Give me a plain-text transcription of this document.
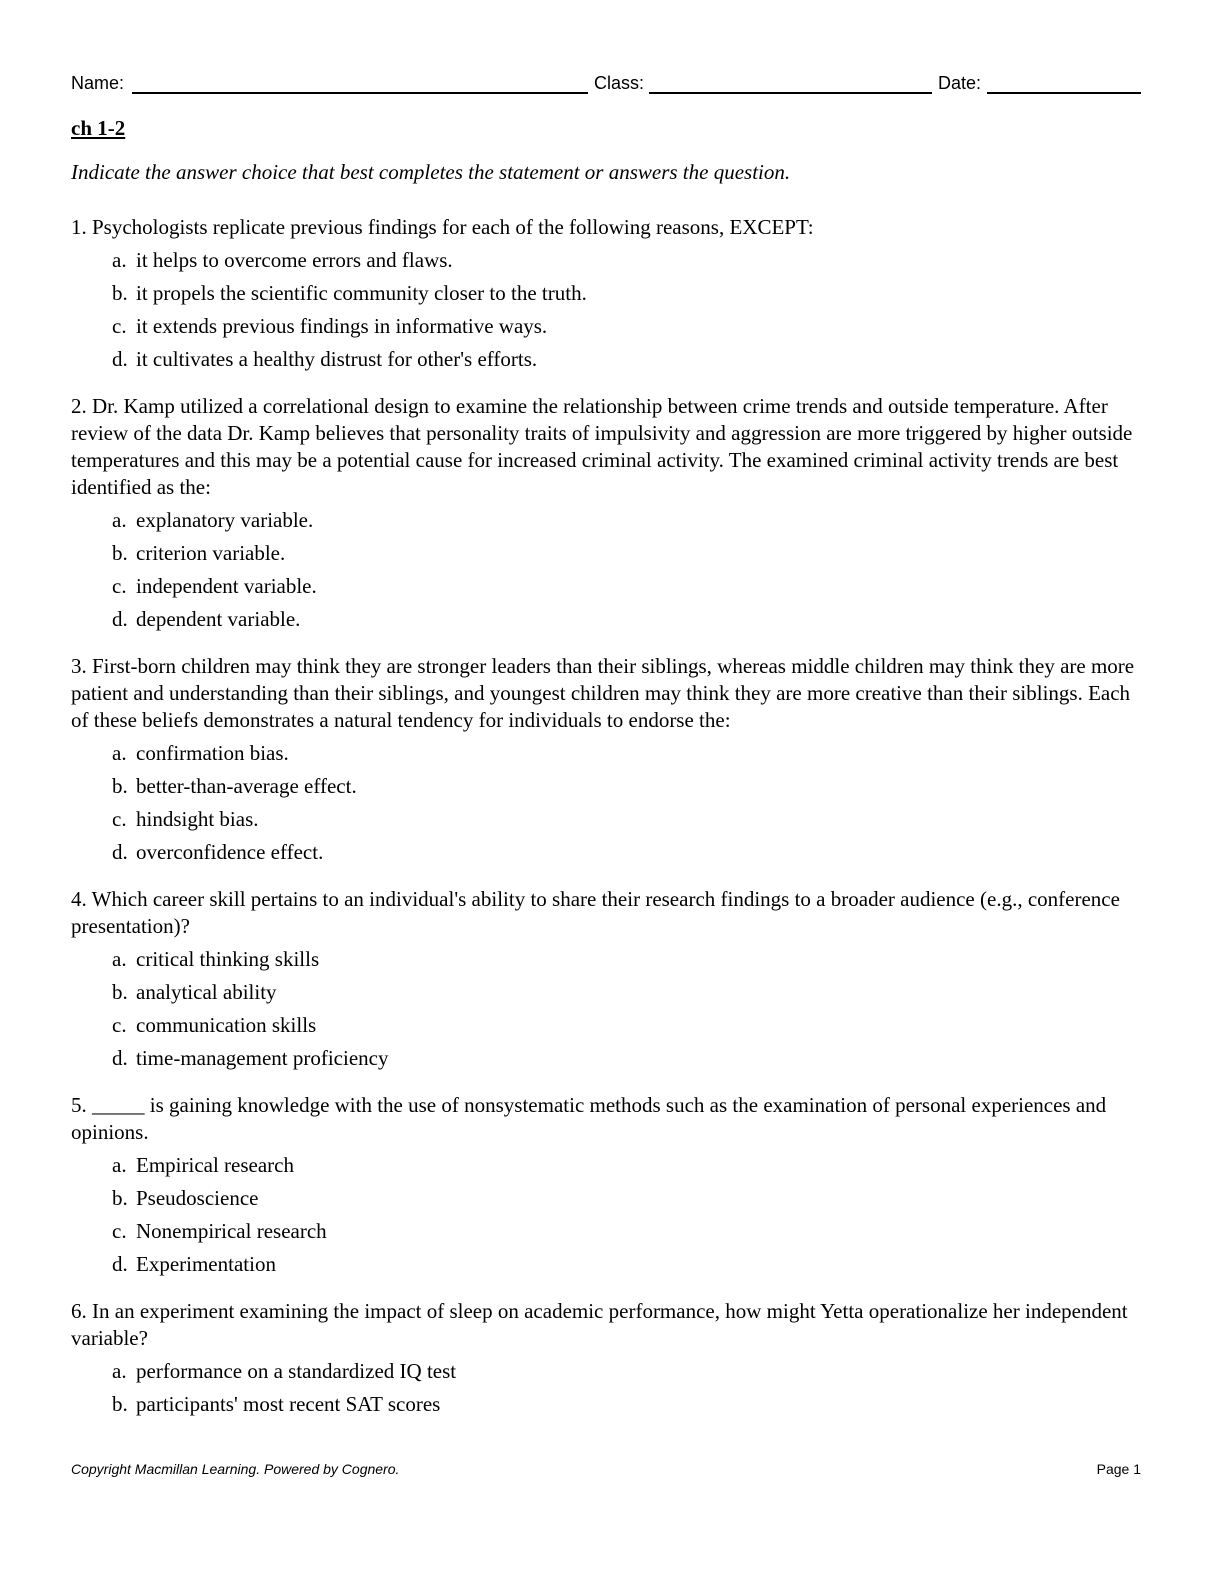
Name:	Class:	Date:
ch 1-2
Indicate the answer choice that best completes the statement or answers the question.

1. Psychologists replicate previous findings for each of the following reasons, EXCEPT:

a. it helps to overcome errors and flaws.
b. it propels the scientific community closer to the truth.
c. it extends previous findings in informative ways.
d. it cultivates a healthy distrust for other's efforts.

2. Dr. Kamp utilized a correlational design to examine the relationship between crime trends and outside temperature. After review of the data Dr. Kamp believes that personality traits of impulsivity and aggression are more triggered by higher outside temperatures and this may be a potential cause for increased criminal activity. The examined criminal activity trends are best identified as the:

a. explanatory variable.
b. criterion variable.
c. independent variable.
d. dependent variable.

3. First-born children may think they are stronger leaders than their siblings, whereas middle children may think they are more patient and understanding than their siblings, and youngest children may think they are more creative than their siblings. Each of these beliefs demonstrates a natural tendency for individuals to endorse the:

a. confirmation bias.
b. better-than-average effect.
c. hindsight bias.
d. overconfidence effect.

4. Which career skill pertains to an individual's ability to share their research findings to a broader audience (e.g., conference presentation)?

a. critical thinking skills
b. analytical ability
c. communication skills
d. time-management proficiency

5. _____ is gaining knowledge with the use of nonsystematic methods such as the examination of personal experiences and opinions.

a. Empirical research
b. Pseudoscience
c. Nonempirical research
d. Experimentation

6. In an experiment examining the impact of sleep on academic performance, how might Yetta operationalize her independent variable?

a. performance on a standardized IQ test
b. participants' most recent SAT scores
Copyright Macmillan Learning. Powered by Cognero.	Page 1
